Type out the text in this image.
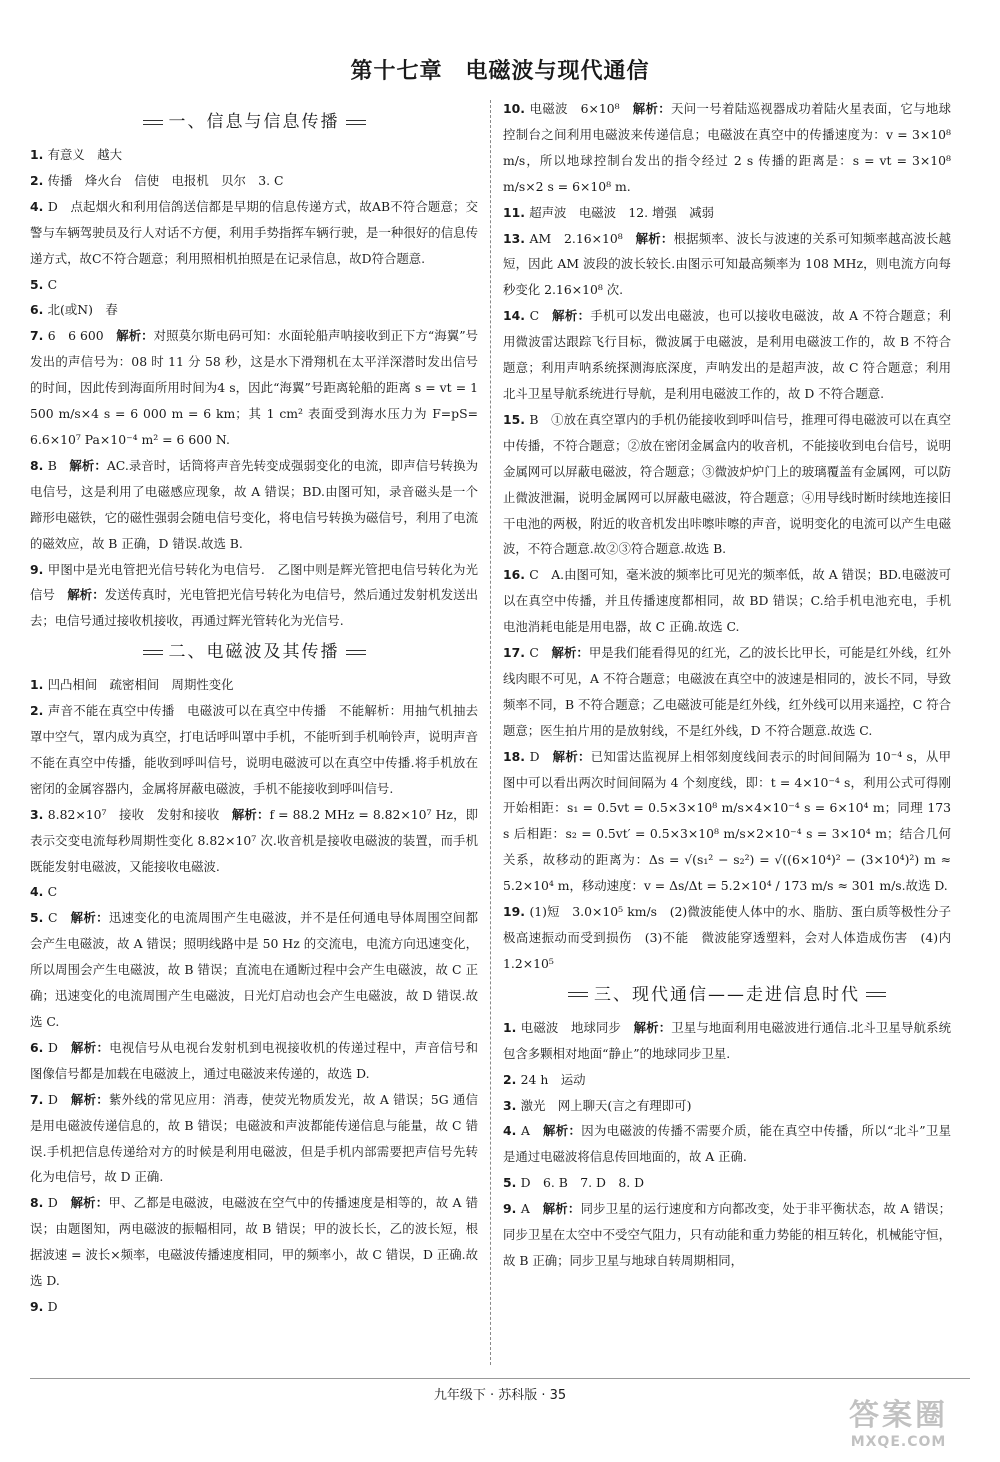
第十七章　电磁波与现代通信
一、信息与信息传播
1. 有意义　越大
2. 传播　烽火台　信使　电报机　贝尔　3. C
4. D　点起烟火和利用信鸽送信都是早期的信息传递方式，故AB不符合题意；交警与车辆驾驶员及行人对话不方便，利用手势指挥车辆行驶，是一种很好的信息传递方式，故C不符合题意；利用照相机拍照是在记录信息，故D符合题意.
5. C
6. 北(或N)　春
7. 6　6 600　解析：对照莫尔斯电码可知：水面轮船声呐接收到正下方“海翼”号发出的声信号为：08 时 11 分 58 秒，这是水下滑翔机在太平洋深潜时发出信号的时间，因此传到海面所用时间为4 s，因此“海翼”号距离轮船的距离 s = vt = 1 500 m/s×4 s = 6 000 m = 6 km；其 1 cm² 表面受到海水压力为 F=pS= 6.6×10⁷ Pa×10⁻⁴ m² = 6 600 N.
8. B　解析：AC.录音时，话筒将声音先转变成强弱变化的电流，即声信号转换为电信号，这是利用了电磁感应现象，故 A 错误；BD.由图可知，录音磁头是一个蹄形电磁铁，它的磁性强弱会随电信号变化，将电信号转换为磁信号，利用了电流的磁效应，故 B 正确，D 错误.故选 B.
9. 甲图中是光电管把光信号转化为电信号.　乙图中则是辉光管把电信号转化为光信号　解析：发送传真时，光电管把光信号转化为电信号，然后通过发射机发送出去；电信号通过接收机接收，再通过辉光管转化为光信号.
二、电磁波及其传播
1. 凹凸相间　疏密相间　周期性变化
2. 声音不能在真空中传播　电磁波可以在真空中传播　不能解析：用抽气机抽去罩中空气，罩内成为真空，打电话呼叫罩中手机，不能听到手机响铃声，说明声音不能在真空中传播，能收到呼叫信号，说明电磁波可以在真空中传播.将手机放在密闭的金属容器内，金属将屏蔽电磁波，手机不能接收到呼叫信号.
3. 8.82×10⁷　接收　发射和接收　解析：f = 88.2 MHz = 8.82×10⁷ Hz，即表示交变电流每秒周期性变化 8.82×10⁷ 次.收音机是接收电磁波的装置，而手机既能发射电磁波，又能接收电磁波.
4. C
5. C　解析：迅速变化的电流周围产生电磁波，并不是任何通电导体周围空间都会产生电磁波，故 A 错误；照明线路中是 50 Hz 的交流电，电流方向迅速变化，所以周围会产生电磁波，故 B 错误；直流电在通断过程中会产生电磁波，故 C 正确；迅速变化的电流周围产生电磁波，日光灯启动也会产生电磁波，故 D 错误.故选 C.
6. D　解析：电视信号从电视台发射机到电视接收机的传递过程中，声音信号和图像信号都是加载在电磁波上，通过电磁波来传递的，故选 D.
7. D　解析：紫外线的常见应用：消毒，使荧光物质发光，故 A 错误；5G 通信是用电磁波传递信息的，故 B 错误；电磁波和声波都能传递信息与能量，故 C 错误.手机把信息传递给对方的时候是利用电磁波，但是手机内部需要把声信号先转化为电信号，故 D 正确.
8. D　解析：甲、乙都是电磁波，电磁波在空气中的传播速度是相等的，故 A 错误；由题图知，两电磁波的振幅相同，故 B 错误；甲的波长长，乙的波长短，根据波速 = 波长×频率，电磁波传播速度相同，甲的频率小，故 C 错误，D 正确.故选 D.
9. D
10. 电磁波　6×10⁸　解析：天问一号着陆巡视器成功着陆火星表面，它与地球控制台之间利用电磁波来传递信息；电磁波在真空中的传播速度为：v = 3×10⁸ m/s，所以地球控制台发出的指令经过 2 s 传播的距离是：s = vt = 3×10⁸ m/s×2 s = 6×10⁸ m.
11. 超声波　电磁波　12. 增强　减弱
13. AM　2.16×10⁸　解析：根据频率、波长与波速的关系可知频率越高波长越短，因此 AM 波段的波长较长.由图示可知最高频率为 108 MHz，则电流方向每秒变化 2.16×10⁸ 次.
14. C　解析：手机可以发出电磁波，也可以接收电磁波，故 A 不符合题意；利用微波雷达跟踪飞行目标，微波属于电磁波，是利用电磁波工作的，故 B 不符合题意；利用声呐系统探测海底深度，声呐发出的是超声波，故 C 符合题意；利用北斗卫星导航系统进行导航，是利用电磁波工作的，故 D 不符合题意.
15. B　①放在真空罩内的手机仍能接收到呼叫信号，推理可得电磁波可以在真空中传播，不符合题意；②放在密闭金属盒内的收音机，不能接收到电台信号，说明金属网可以屏蔽电磁波，符合题意；③微波炉炉门上的玻璃覆盖有金属网，可以防止微波泄漏，说明金属网可以屏蔽电磁波，符合题意；④用导线时断时续地连接旧干电池的两极，附近的收音机发出咔嚓咔嚓的声音，说明变化的电流可以产生电磁波，不符合题意.故②③符合题意.故选 B.
16. C　A.由图可知，毫米波的频率比可见光的频率低，故 A 错误；BD.电磁波可以在真空中传播，并且传播速度都相同，故 BD 错误；C.给手机电池充电，手机电池消耗电能是用电器，故 C 正确.故选 C.
17. C　解析：甲是我们能看得见的红光，乙的波长比甲长，可能是红外线，红外线肉眼不可见，A 不符合题意；电磁波在真空中的波速是相同的，波长不同，导致频率不同，B 不符合题意；乙电磁波可能是红外线，红外线可以用来遥控，C 符合题意；医生拍片用的是放射线，不是红外线，D 不符合题意.故选 C.
18. D　解析：已知雷达监视屏上相邻刻度线间表示的时间间隔为 10⁻⁴ s，从甲图中可以看出两次时间间隔为 4 个刻度线，即：t = 4×10⁻⁴ s，利用公式可得刚开始相距：s₁ = 0.5vt = 0.5×3×10⁸ m/s×4×10⁻⁴ s = 6×10⁴ m；同理 173 s 后相距：s₂ = 0.5vt′ = 0.5×3×10⁸ m/s×2×10⁻⁴ s = 3×10⁴ m；结合几何关系，故移动的距离为：Δs = √(s₁² − s₂²) = √((6×10⁴)² − (3×10⁴)²) m ≈ 5.2×10⁴ m，移动速度：v = Δs/Δt = 5.2×10⁴ / 173 m/s ≈ 301 m/s.故选 D.
19. (1)短　3.0×10⁵ km/s　(2)微波能使人体中的水、脂肪、蛋白质等极性分子极高速振动而受到损伤　(3)不能　微波能穿透塑料，会对人体造成伤害　(4)内　1.2×10⁵
三、现代通信——走进信息时代
1. 电磁波　地球同步　解析：卫星与地面利用电磁波进行通信.北斗卫星导航系统包含多颗相对地面“静止”的地球同步卫星.
2. 24 h　运动
3. 激光　网上聊天(言之有理即可)
4. A　解析：因为电磁波的传播不需要介质，能在真空中传播，所以“北斗”卫星是通过电磁波将信息传回地面的，故 A 正确.
5. D　6. B　7. D　8. D
9. A　解析：同步卫星的运行速度和方向都改变，处于非平衡状态，故 A 错误；同步卫星在太空中不受空气阻力，只有动能和重力势能的相互转化，机械能守恒，故 B 正确；同步卫星与地球自转周期相同，
九年级下 · 苏科版 · 35
答案圈
MXQE.COM
